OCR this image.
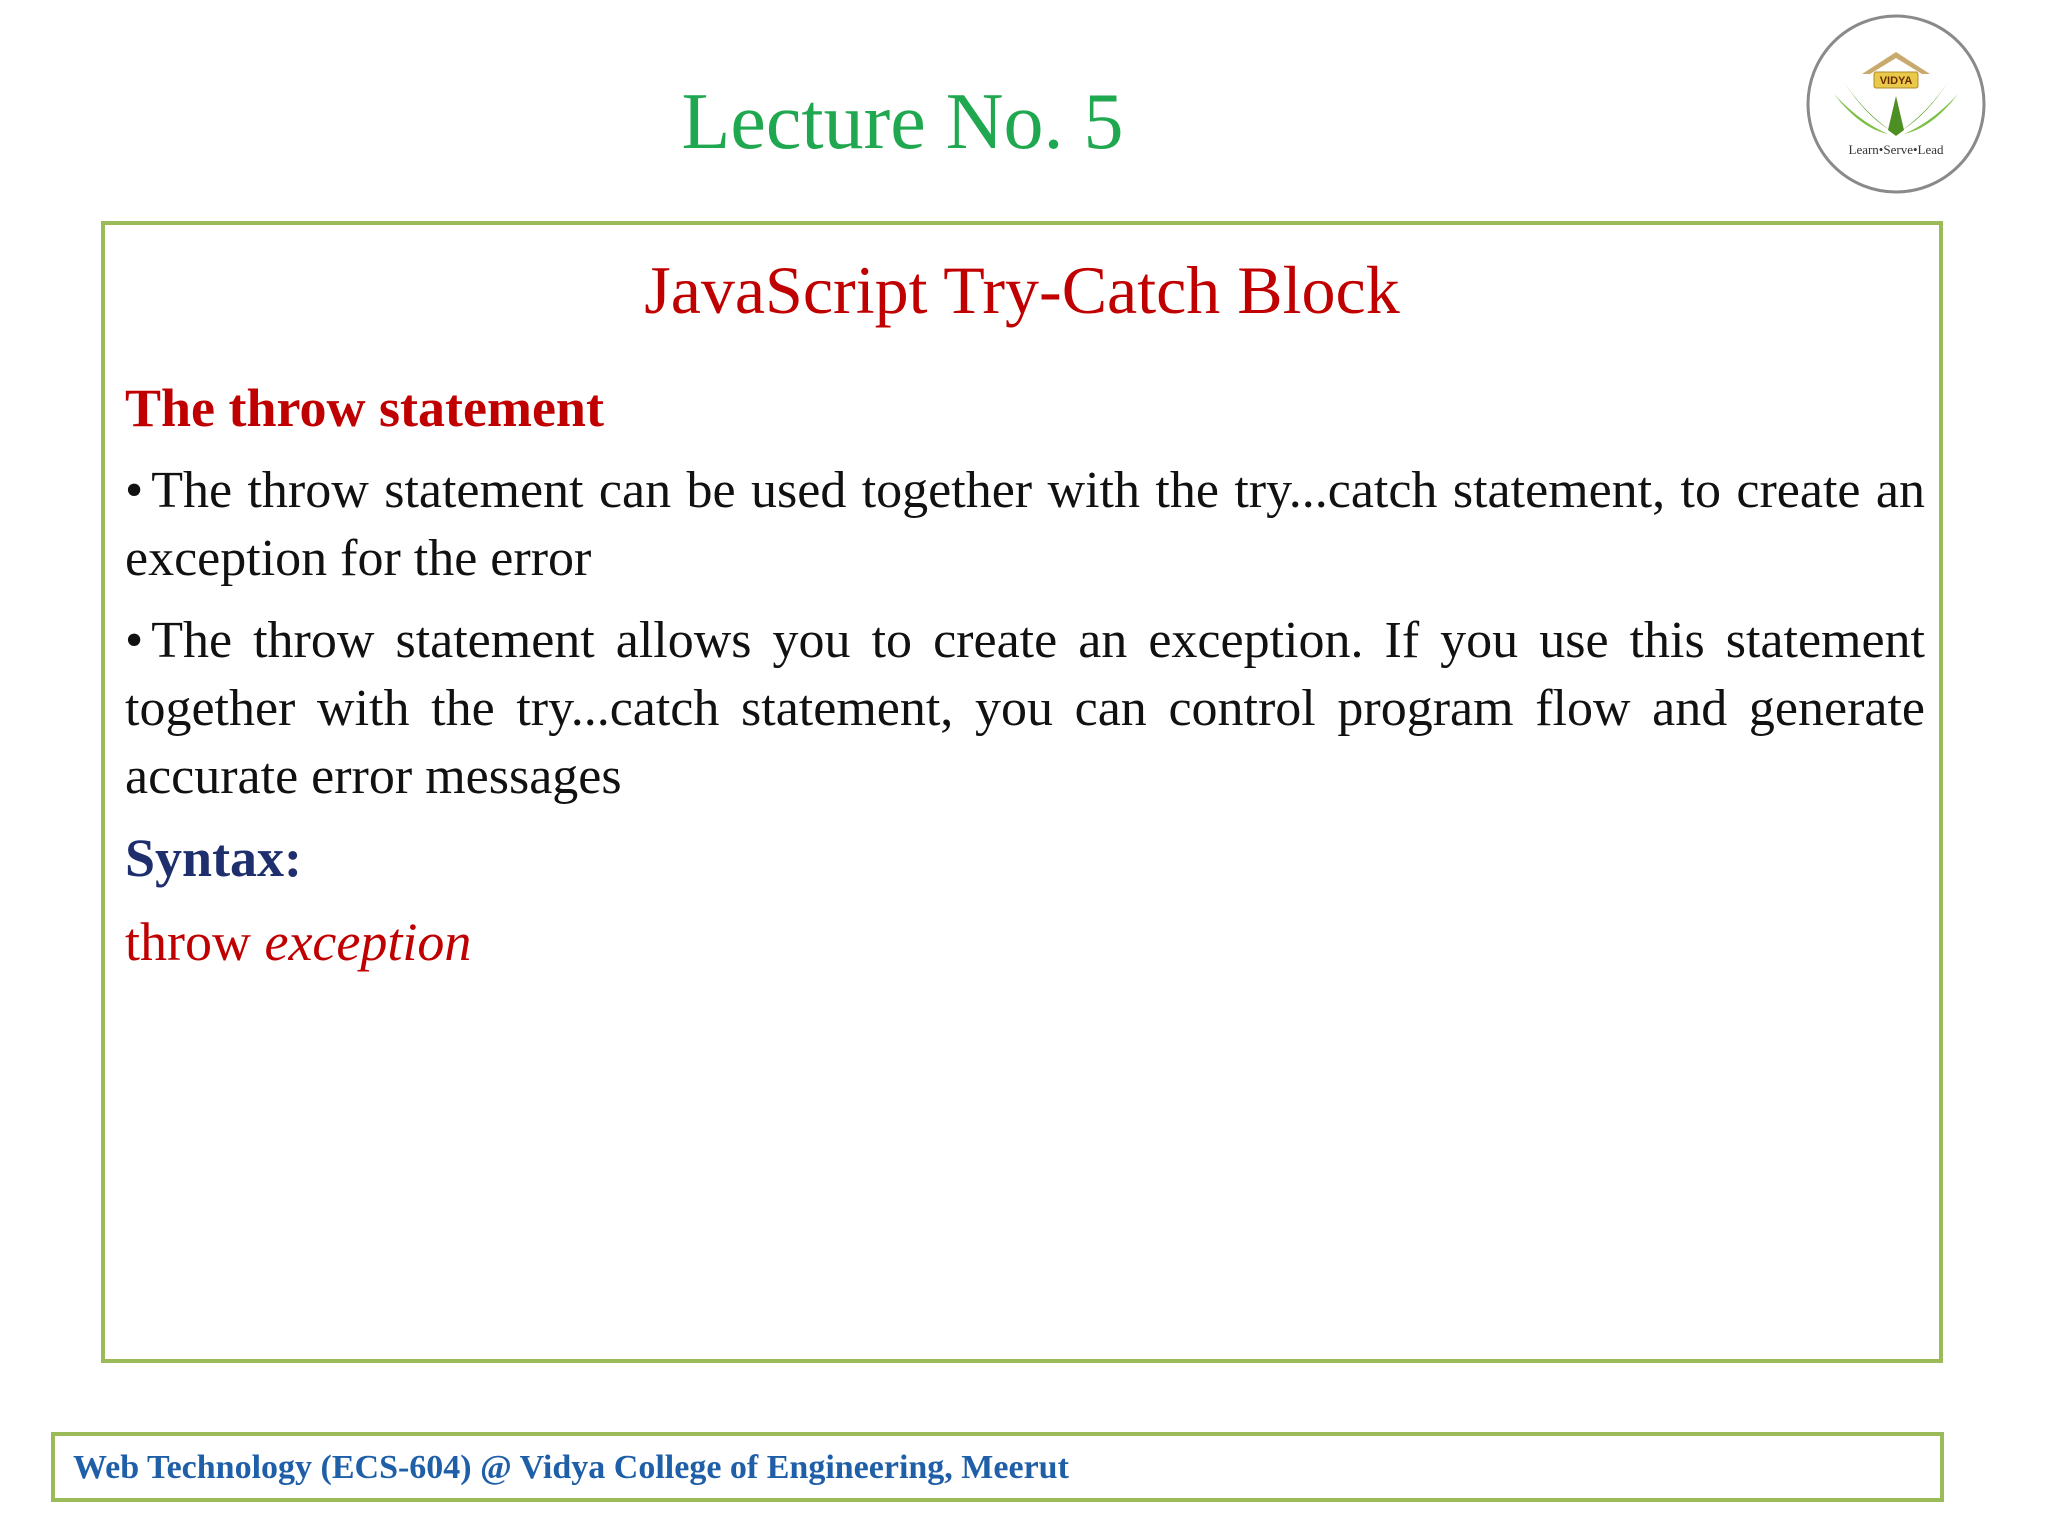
Lecture No. 5	VIDYA
Learn•Serve•Lead
JavaScript Try-Catch Block

The throw statement

• The throw statement can be used together with the try...catch statement, to create an exception for the error

• The throw statement allows you to create an exception. If you use this statement together with the try...catch statement, you can control program flow and generate accurate error messages

Syntax:

throw exception

Web Technology (ECS-604) @ Vidya College of Engineering, Meerut
